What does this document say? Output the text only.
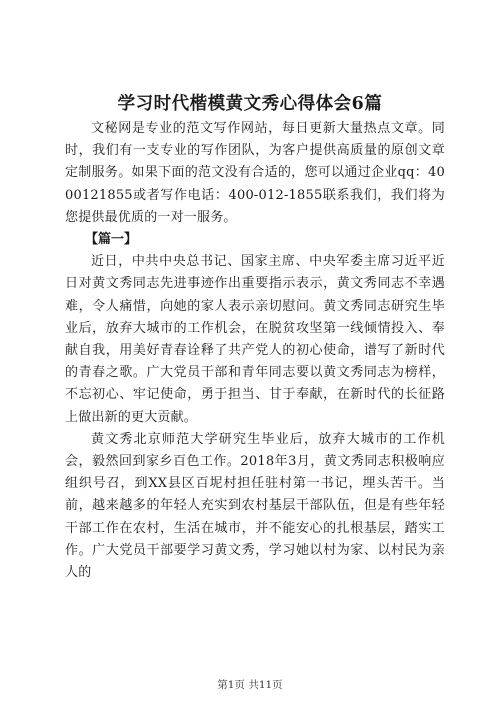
学习时代楷模黄文秀心得体会6篇

文秘网是专业的范文写作网站，每日更新大量热点文章。同时，我们有一支专业的写作团队，为客户提供高质量的原创文章定制服务。如果下面的范文没有合适的，您可以通过企业qq：4000121855或者写作电话：400-012-1855联系我们，我们将为您提供最优质的一对一服务。

【篇一】

近日，中共中央总书记、国家主席、中央军委主席习近平近日对黄文秀同志先进事迹作出重要指示表示，黄文秀同志不幸遇难，令人痛惜，向她的家人表示亲切慰问。黄文秀同志研究生毕业后，放弃大城市的工作机会，在脱贫攻坚第一线倾情投入、奉献自我，用美好青春诠释了共产党人的初心使命，谱写了新时代的青春之歌。广大党员干部和青年同志要以黄文秀同志为榜样，不忘初心、牢记使命，勇于担当、甘于奉献，在新时代的长征路上做出新的更大贡献。

黄文秀北京师范大学研究生毕业后，放弃大城市的工作机会，毅然回到家乡百色工作。2018年3月，黄文秀同志积极响应组织号召，到XX县区百坭村担任驻村第一书记，埋头苦干。当前，越来越多的年轻人充实到农村基层干部队伍，但是有些年轻干部工作在农村，生活在城市，并不能安心的扎根基层，踏实工作。广大党员干部要学习黄文秀，学习她以村为家、以村民为亲人的

第1页 共11页
